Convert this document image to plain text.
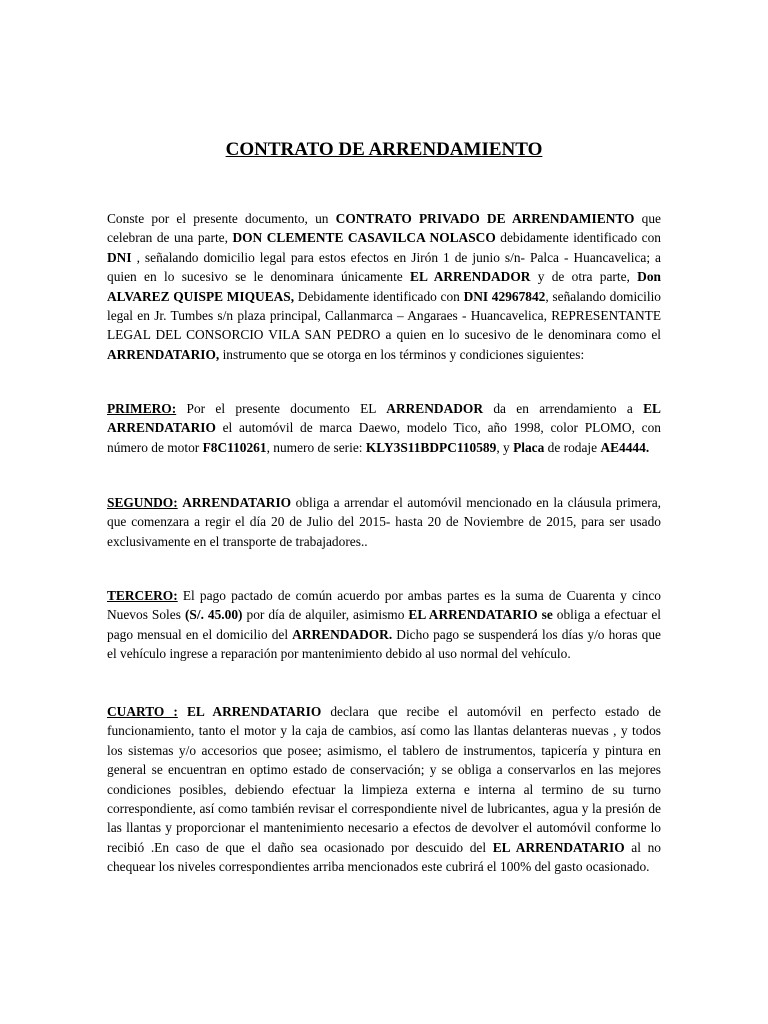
CONTRATO DE ARRENDAMIENTO
Conste por el presente documento, un CONTRATO PRIVADO DE ARRENDAMIENTO que celebran de una parte, DON CLEMENTE CASAVILCA NOLASCO debidamente identificado con DNI , señalando domicilio legal para estos efectos en Jirón 1 de junio s/n- Palca - Huancavelica; a quien en lo sucesivo se le denominara únicamente EL ARRENDADOR y de otra parte, Don ALVAREZ QUISPE MIQUEAS, Debidamente identificado con DNI 42967842, señalando domicilio legal en Jr. Tumbes s/n plaza principal, Callanmarca – Angaraes - Huancavelica, REPRESENTANTE LEGAL DEL CONSORCIO VILA SAN PEDRO a quien en lo sucesivo de le denominara como el ARRENDATARIO, instrumento que se otorga en los términos y condiciones siguientes:
PRIMERO: Por el presente documento EL ARRENDADOR da en arrendamiento a EL ARRENDATARIO el automóvil de marca Daewo, modelo Tico, año 1998, color PLOMO, con número de motor F8C110261, numero de serie: KLY3S11BDPC110589, y Placa de rodaje AE4444.
SEGUNDO: ARRENDATARIO obliga a arrendar el automóvil mencionado en la cláusula primera, que comenzara a regir el día 20 de Julio del 2015- hasta 20 de Noviembre de 2015, para ser usado exclusivamente en el transporte de trabajadores..
TERCERO: El pago pactado de común acuerdo por ambas partes es la suma de Cuarenta y cinco Nuevos Soles (S/. 45.00) por día de alquiler, asimismo EL ARRENDATARIO se obliga a efectuar el pago mensual en el domicilio del ARRENDADOR. Dicho pago se suspenderá los días y/o horas que el vehículo ingrese a reparación por mantenimiento debido al uso normal del vehículo.
CUARTO : EL ARRENDATARIO declara que recibe el automóvil en perfecto estado de funcionamiento, tanto el motor y la caja de cambios, así como las llantas delanteras nuevas , y todos los sistemas y/o accesorios que posee; asimismo, el tablero de instrumentos, tapicería y pintura en general se encuentran en optimo estado de conservación; y se obliga a conservarlos en las mejores condiciones posibles, debiendo efectuar la limpieza externa e interna al termino de su turno correspondiente, así como también revisar el correspondiente nivel de lubricantes, agua y la presión de las llantas y proporcionar el mantenimiento necesario a efectos de devolver el automóvil conforme lo recibió .En caso de que el daño sea ocasionado por descuido del EL ARRENDATARIO al no chequear los niveles correspondientes arriba mencionados este cubrirá el 100% del gasto ocasionado.
